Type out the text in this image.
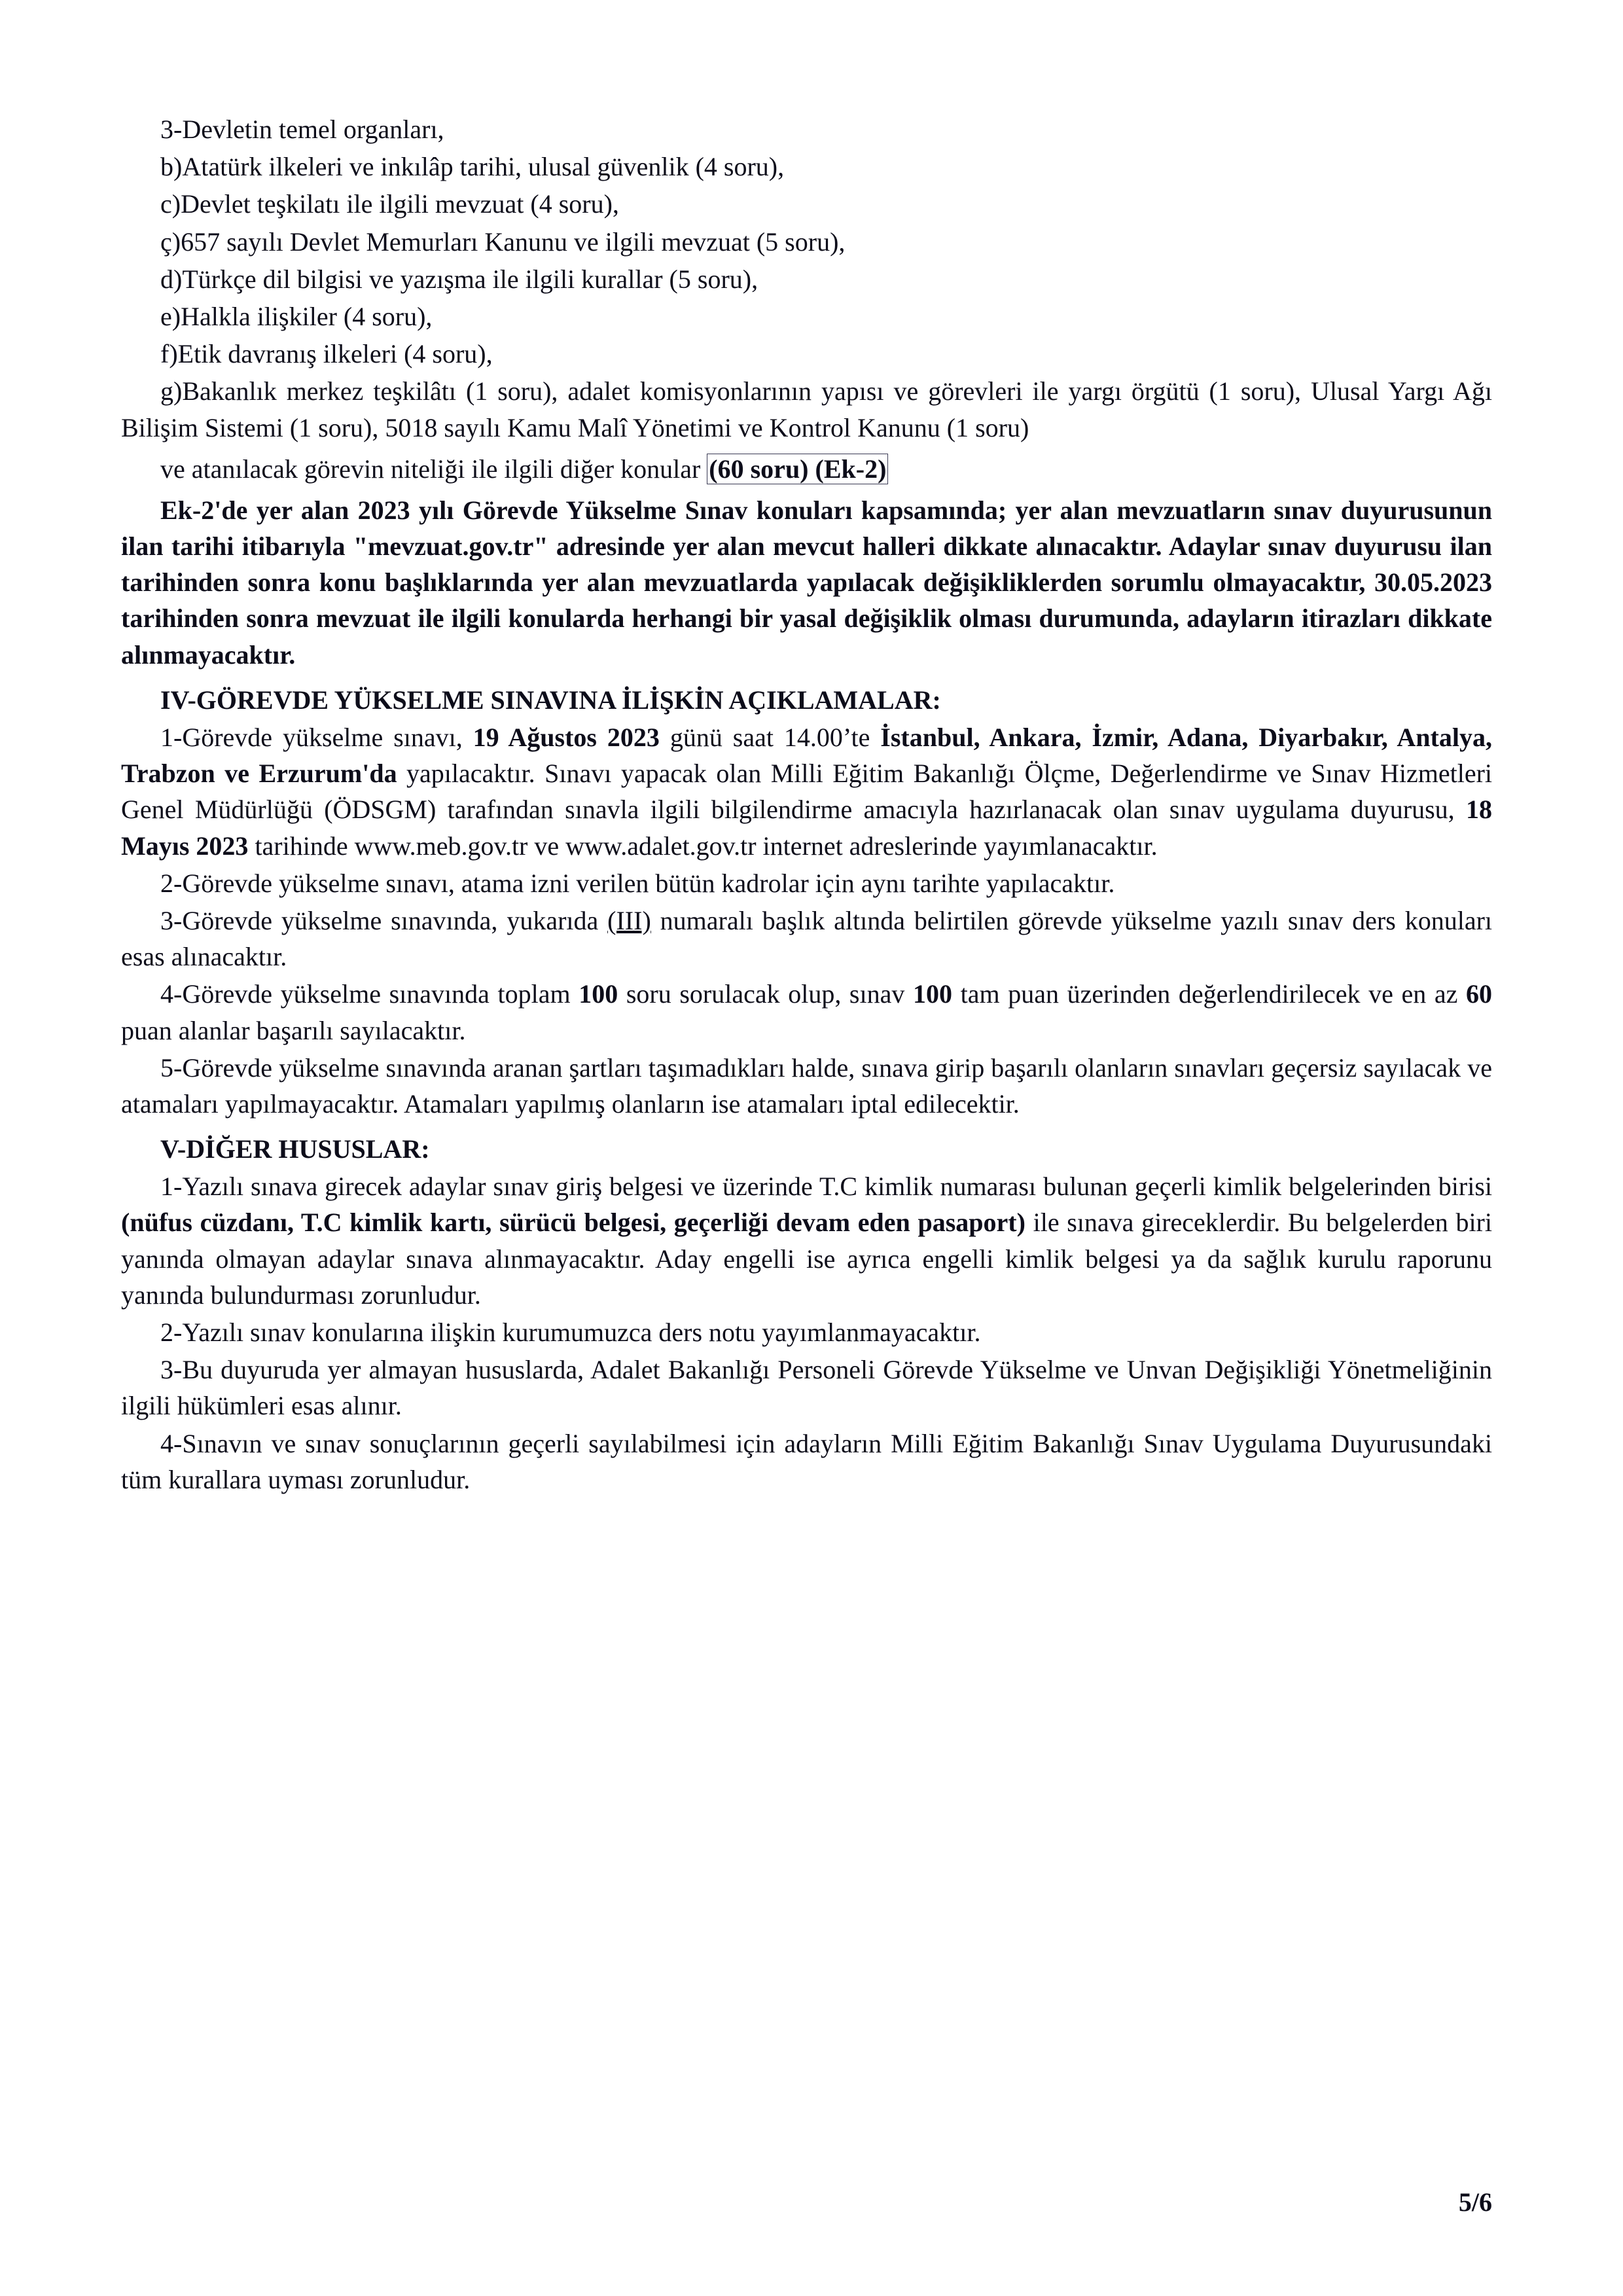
3-Devletin temel organları,

b)Atatürk ilkeleri ve inkılâp tarihi, ulusal güvenlik (4 soru),

c)Devlet teşkilatı ile ilgili mevzuat (4 soru),

ç)657 sayılı Devlet Memurları Kanunu ve ilgili mevzuat (5 soru),

d)Türkçe dil bilgisi ve yazışma ile ilgili kurallar (5 soru),

e)Halkla ilişkiler (4 soru),

f)Etik davranış ilkeleri (4 soru),

g)Bakanlık merkez teşkilâtı (1 soru), adalet komisyonlarının yapısı ve görevleri ile yargı örgütü (1 soru), Ulusal Yargı Ağı Bilişim Sistemi (1 soru), 5018 sayılı Kamu Malî Yönetimi ve Kontrol Kanunu (1 soru)

ve atanılacak görevin niteliği ile ilgili diğer konular (60 soru) (Ek-2)

Ek-2'de yer alan 2023 yılı Görevde Yükselme Sınav konuları kapsamında; yer alan mevzuatların sınav duyurusunun ilan tarihi itibarıyla "mevzuat.gov.tr" adresinde yer alan mevcut halleri dikkate alınacaktır. Adaylar sınav duyurusu ilan tarihinden sonra konu başlıklarında yer alan mevzuatlarda yapılacak değişikliklerden sorumlu olmayacaktır, 30.05.2023 tarihinden sonra mevzuat ile ilgili konularda herhangi bir yasal değişiklik olması durumunda, adayların itirazları dikkate alınmayacaktır.

IV-GÖREVDE YÜKSELME SINAVINA İLİŞKİN AÇIKLAMALAR:

1-Görevde yükselme sınavı, 19 Ağustos 2023 günü saat 14.00’te İstanbul, Ankara, İzmir, Adana, Diyarbakır, Antalya, Trabzon ve Erzurum'da yapılacaktır. Sınavı yapacak olan Milli Eğitim Bakanlığı Ölçme, Değerlendirme ve Sınav Hizmetleri Genel Müdürlüğü (ÖDSGM) tarafından sınavla ilgili bilgilendirme amacıyla hazırlanacak olan sınav uygulama duyurusu, 18 Mayıs 2023 tarihinde www.meb.gov.tr ve www.adalet.gov.tr internet adreslerinde yayımlanacaktır.

2-Görevde yükselme sınavı, atama izni verilen bütün kadrolar için aynı tarihte yapılacaktır.

3-Görevde yükselme sınavında, yukarıda (III) numaralı başlık altında belirtilen görevde yükselme yazılı sınav ders konuları esas alınacaktır.

4-Görevde yükselme sınavında toplam 100 soru sorulacak olup, sınav 100 tam puan üzerinden değerlendirilecek ve en az 60 puan alanlar başarılı sayılacaktır.

5-Görevde yükselme sınavında aranan şartları taşımadıkları halde, sınava girip başarılı olanların sınavları geçersiz sayılacak ve atamaları yapılmayacaktır. Atamaları yapılmış olanların ise atamaları iptal edilecektir.

V-DİĞER HUSUSLAR:

1-Yazılı sınava girecek adaylar sınav giriş belgesi ve üzerinde T.C kimlik numarası bulunan geçerli kimlik belgelerinden birisi (nüfus cüzdanı, T.C kimlik kartı, sürücü belgesi, geçerliği devam eden pasaport) ile sınava gireceklerdir. Bu belgelerden biri yanında olmayan adaylar sınava alınmayacaktır. Aday engelli ise ayrıca engelli kimlik belgesi ya da sağlık kurulu raporunu yanında bulundurması zorunludur.

2-Yazılı sınav konularına ilişkin kurumumuzca ders notu yayımlanmayacaktır.

3-Bu duyuruda yer almayan hususlarda, Adalet Bakanlığı Personeli Görevde Yükselme ve Unvan Değişikliği Yönetmeliğinin ilgili hükümleri esas alınır.

4-Sınavın ve sınav sonuçlarının geçerli sayılabilmesi için adayların Milli Eğitim Bakanlığı Sınav Uygulama Duyurusundaki tüm kurallara uyması zorunludur.

5/6
